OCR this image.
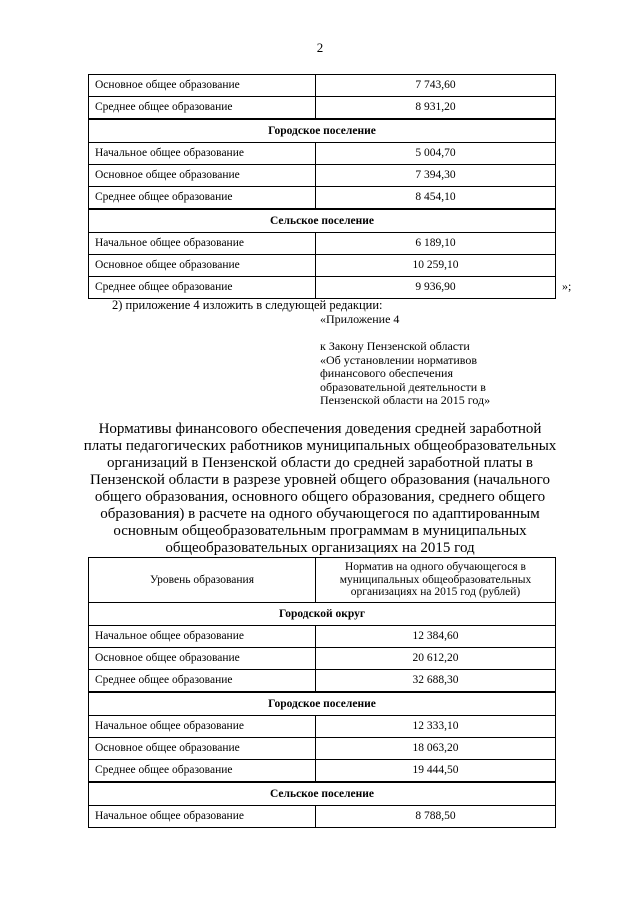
2
Основное общее образование	7 743,60
Среднее общее образование	8 931,20
Городское поселение	
Начальное общее образование	5 004,70
Основное общее образование	7 394,30
Среднее общее образование	8 454,10
Сельское поселение	
Начальное общее образование	6 189,10
Основное общее образование	10 259,10
Среднее общее образование	9 936,90	»;
2) приложение 4 изложить в следующей редакции:
«Приложение 4
к Закону Пензенской области
«Об установлении нормативов
финансового обеспечения
образовательной деятельности в
Пензенской области на 2015 год»
Нормативы финансового обеспечения доведения средней заработной
платы педагогических работников муниципальных общеобразовательных
организаций в Пензенской области до средней заработной платы в
Пензенской области в разрезе уровней общего образования (начального
общего образования, основного общего образования, среднего общего
образования) в расчете на одного обучающегося по адаптированным
основным общеобразовательным программам в муниципальных
общеобразовательных организациях на 2015 год
Уровень образования	Норматив на одного обучающегося в
муниципальных общеобразовательных
организациях на 2015 год (рублей)

Городской округ	
Начальное общее образование	12 384,60
Основное общее образование	20 612,20
Среднее общее образование	32 688,30
Городское поселение	
Начальное общее образование	12 333,10
Основное общее образование	18 063,20
Среднее общее образование	19 444,50
Сельское поселение	
Начальное общее образование	8 788,50
